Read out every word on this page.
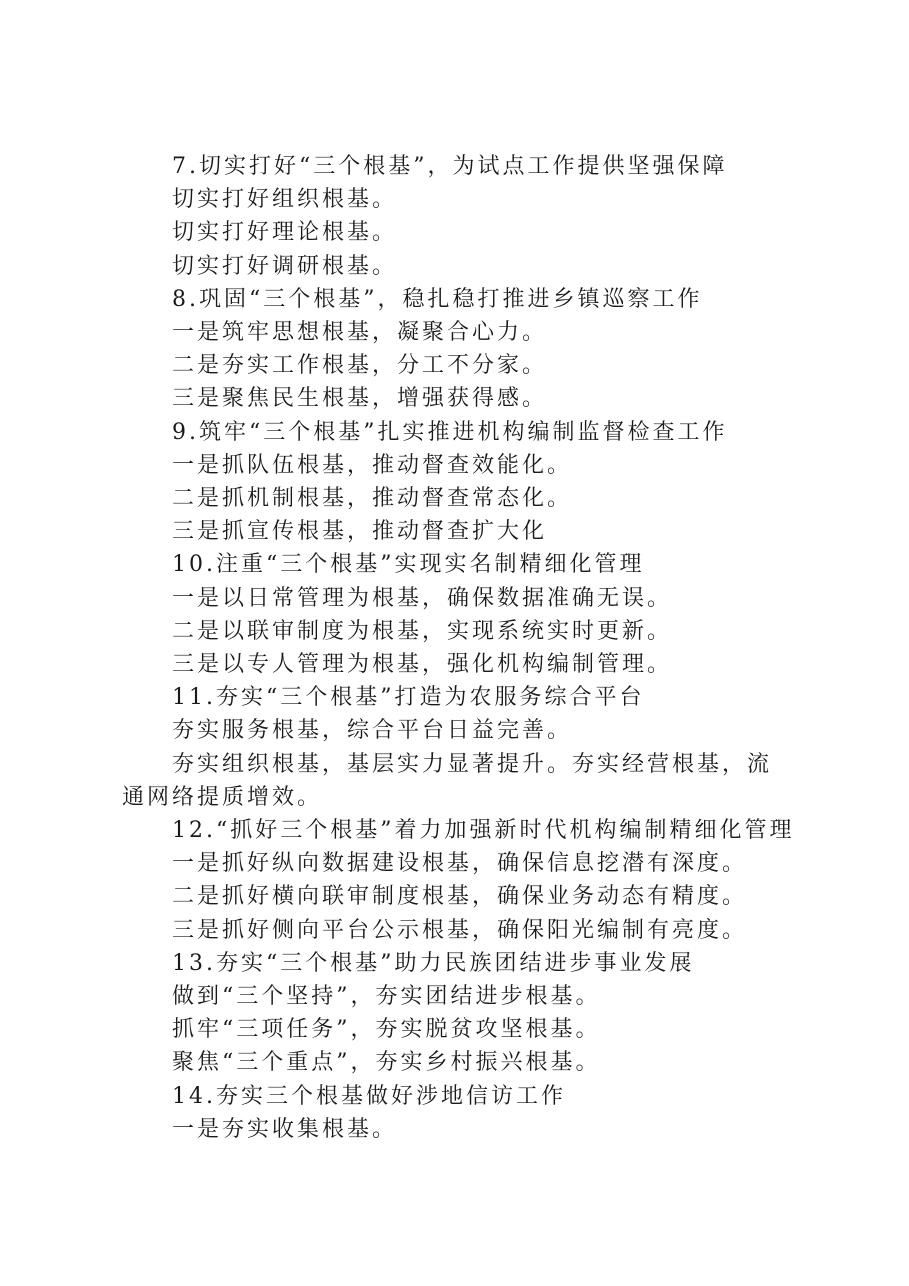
7.切实打好“三个根基”，为试点工作提供坚强保障
切实打好组织根基。
切实打好理论根基。
切实打好调研根基。
8.巩固“三个根基”，稳扎稳打推进乡镇巡察工作
一是筑牢思想根基，凝聚合心力。
二是夯实工作根基，分工不分家。
三是聚焦民生根基，增强获得感。
9.筑牢“三个根基”扎实推进机构编制监督检查工作
一是抓队伍根基，推动督查效能化。
二是抓机制根基，推动督查常态化。
三是抓宣传根基，推动督查扩大化
10.注重“三个根基”实现实名制精细化管理
一是以日常管理为根基，确保数据准确无误。
二是以联审制度为根基，实现系统实时更新。
三是以专人管理为根基，强化机构编制管理。
11.夯实“三个根基”打造为农服务综合平台
夯实服务根基，综合平台日益完善。
夯实组织根基，基层实力显著提升。夯实经营根基，流通网络提质增效。
12.“抓好三个根基”着力加强新时代机构编制精细化管理
一是抓好纵向数据建设根基，确保信息挖潜有深度。
二是抓好横向联审制度根基，确保业务动态有精度。
三是抓好侧向平台公示根基，确保阳光编制有亮度。
13.夯实“三个根基”助力民族团结进步事业发展
做到“三个坚持”，夯实团结进步根基。
抓牢“三项任务”，夯实脱贫攻坚根基。
聚焦“三个重点”，夯实乡村振兴根基。
14.夯实三个根基做好涉地信访工作
一是夯实收集根基。
